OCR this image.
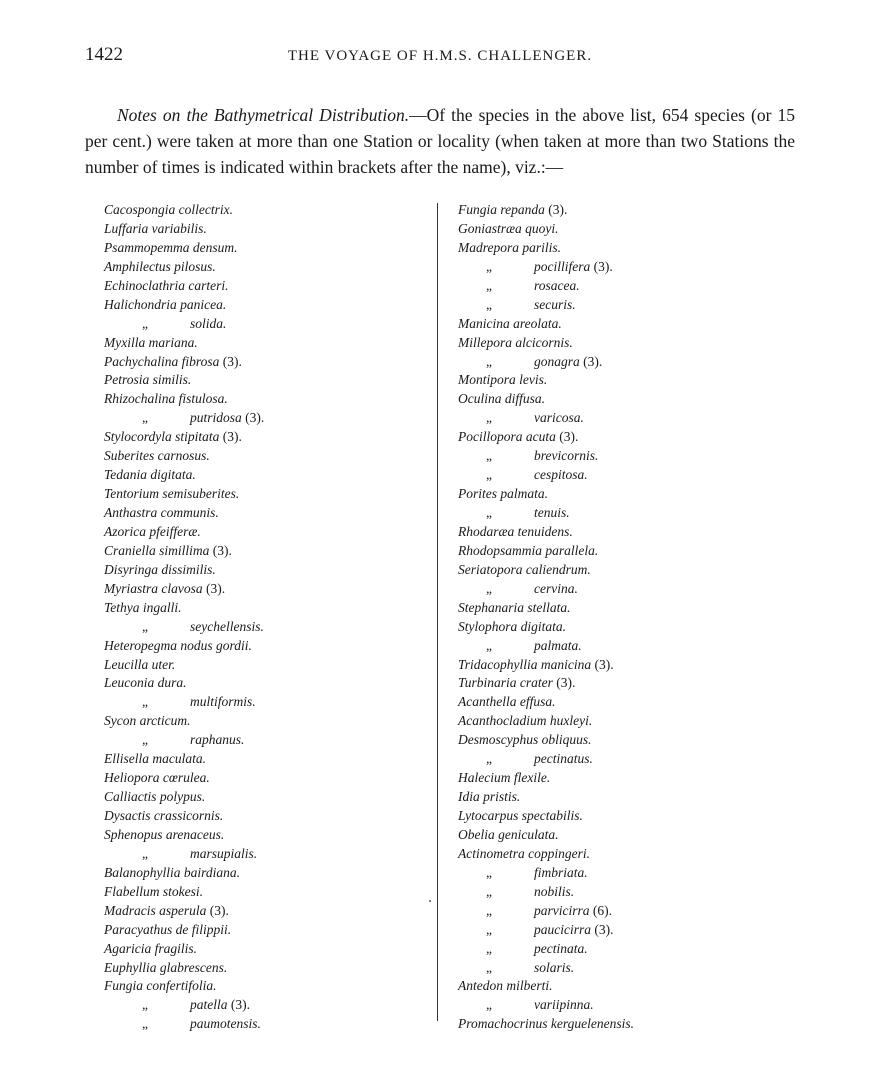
1422	THE VOYAGE OF H.M.S. CHALLENGER.

Notes on the Bathymetrical Distribution.—Of the species in the above list, 654 species (or 15 per cent.) were taken at more than one Station or locality (when taken at more than two Stations the number of times is indicated within brackets after the name), viz.:—

Cacospongia collectrix.
Luffaria variabilis.
Psammopemma densum.
Amphilectus pilosus.
Echinoclathria carteri.
Halichondria panicea.
„	solida.
Myxilla mariana.
Pachychalina fibrosa (3).
Petrosia similis.
Rhizochalina fistulosa.
„	putridosa (3).
Stylocordyla stipitata (3).
Suberites carnosus.
Tedania digitata.
Tentorium semisuberites.
Anthastra communis.
Azorica pfeifferæ.
Craniella simillima (3).
Disyringa dissimilis.
Myriastra clavosa (3).
Tethya ingalli.
„	seychellensis.
Heteropegma nodus gordii.
Leucilla uter.
Leuconia dura.
„	multiformis.
Sycon arcticum.
„	raphanus.
Ellisella maculata.
Heliopora cœrulea.
Calliactis polypus.
Dysactis crassicornis.
Sphenopus arenaceus.
„	marsupialis.
Balanophyllia bairdiana.
Flabellum stokesi.
Madracis asperula (3).
Paracyathus de filippii.
Agaricia fragilis.
Euphyllia glabrescens.
Fungia confertifolia.
„	patella (3).
„	paumotensis.
Fungia repanda (3).
Goniastræa quoyi.
Madrepora parilis.
„	pocillifera (3).
„	rosacea.
„	securis.
Manicina areolata.
Millepora alcicornis.
„	gonagra (3).
Montipora levis.
Oculina diffusa.
„	varicosa.
Pocillopora acuta (3).
„	brevicornis.
„	cespitosa.
Porites palmata.
„	tenuis.
Rhodaræa tenuidens.
Rhodopsammia parallela.
Seriatopora caliendrum.
„	cervina.
Stephanaria stellata.
Stylophora digitata.
„	palmata.
Tridacophyllia manicina (3).
Turbinaria crater (3).
Acanthella effusa.
Acanthocladium huxleyi.
Desmoscyphus obliquus.
„	pectinatus.
Halecium flexile.
Idia pristis.
Lytocarpus spectabilis.
Obelia geniculata.
Actinometra coppingeri.
„	fimbriata.
„	nobilis.
„	parvicirra (6).
„	paucicirra (3).
„	pectinata.
„	solaris.
Antedon milberti.
„	variipinna.
Promachocrinus kerguelenensis.
